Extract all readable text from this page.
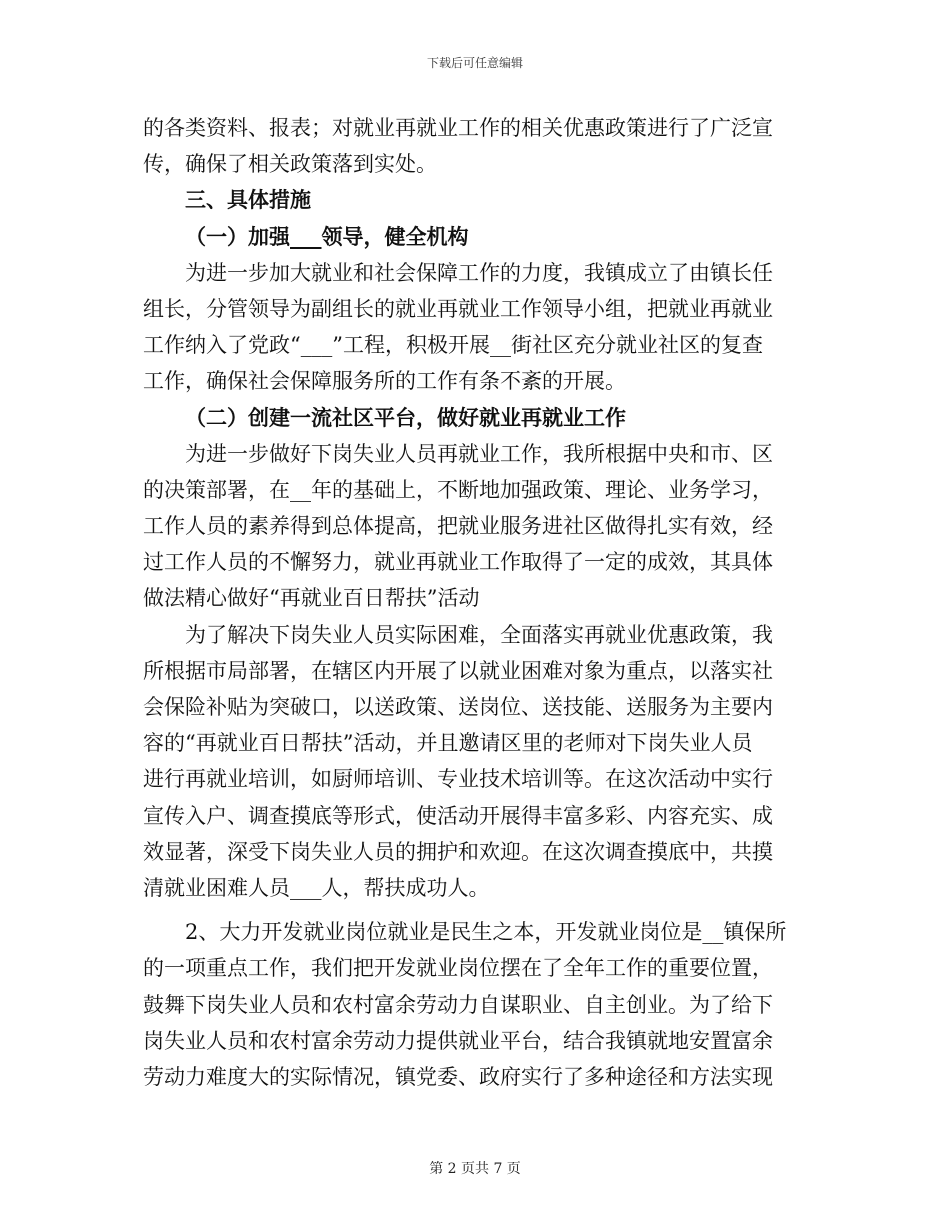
下载后可任意编辑
的各类资料、报表；对就业再就业工作的相关优惠政策进行了广泛宣
传，确保了相关政策落到实处。
三、具体措施
（一）加强___领导，健全机构
为进一步加大就业和社会保障工作的力度，我镇成立了由镇长任
组长，分管领导为副组长的就业再就业工作领导小组，把就业再就业
工作纳入了党政“___”工程，积极开展__街社区充分就业社区的复查
工作，确保社会保障服务所的工作有条不紊的开展。
（二）创建一流社区平台，做好就业再就业工作
为进一步做好下岗失业人员再就业工作，我所根据中央和市、区
的决策部署，在__年的基础上，不断地加强政策、理论、业务学习，
工作人员的素养得到总体提高，把就业服务进社区做得扎实有效，经
过工作人员的不懈努力，就业再就业工作取得了一定的成效，其具体
做法精心做好“再就业百日帮扶”活动
为了解决下岗失业人员实际困难，全面落实再就业优惠政策，我
所根据市局部署，在辖区内开展了以就业困难对象为重点，以落实社
会保险补贴为突破口，以送政策、送岗位、送技能、送服务为主要内
容的“再就业百日帮扶”活动，并且邀请区里的老师对下岗失业人员
进行再就业培训，如厨师培训、专业技术培训等。在这次活动中实行
宣传入户、调查摸底等形式，使活动开展得丰富多彩、内容充实、成
效显著，深受下岗失业人员的拥护和欢迎。在这次调查摸底中，共摸
清就业困难人员___人，帮扶成功人。
2、大力开发就业岗位就业是民生之本，开发就业岗位是__镇保所
的一项重点工作，我们把开发就业岗位摆在了全年工作的重要位置，
鼓舞下岗失业人员和农村富余劳动力自谋职业、自主创业。为了给下
岗失业人员和农村富余劳动力提供就业平台，结合我镇就地安置富余
劳动力难度大的实际情况，镇党委、政府实行了多种途径和方法实现
第 2 页共 7 页
